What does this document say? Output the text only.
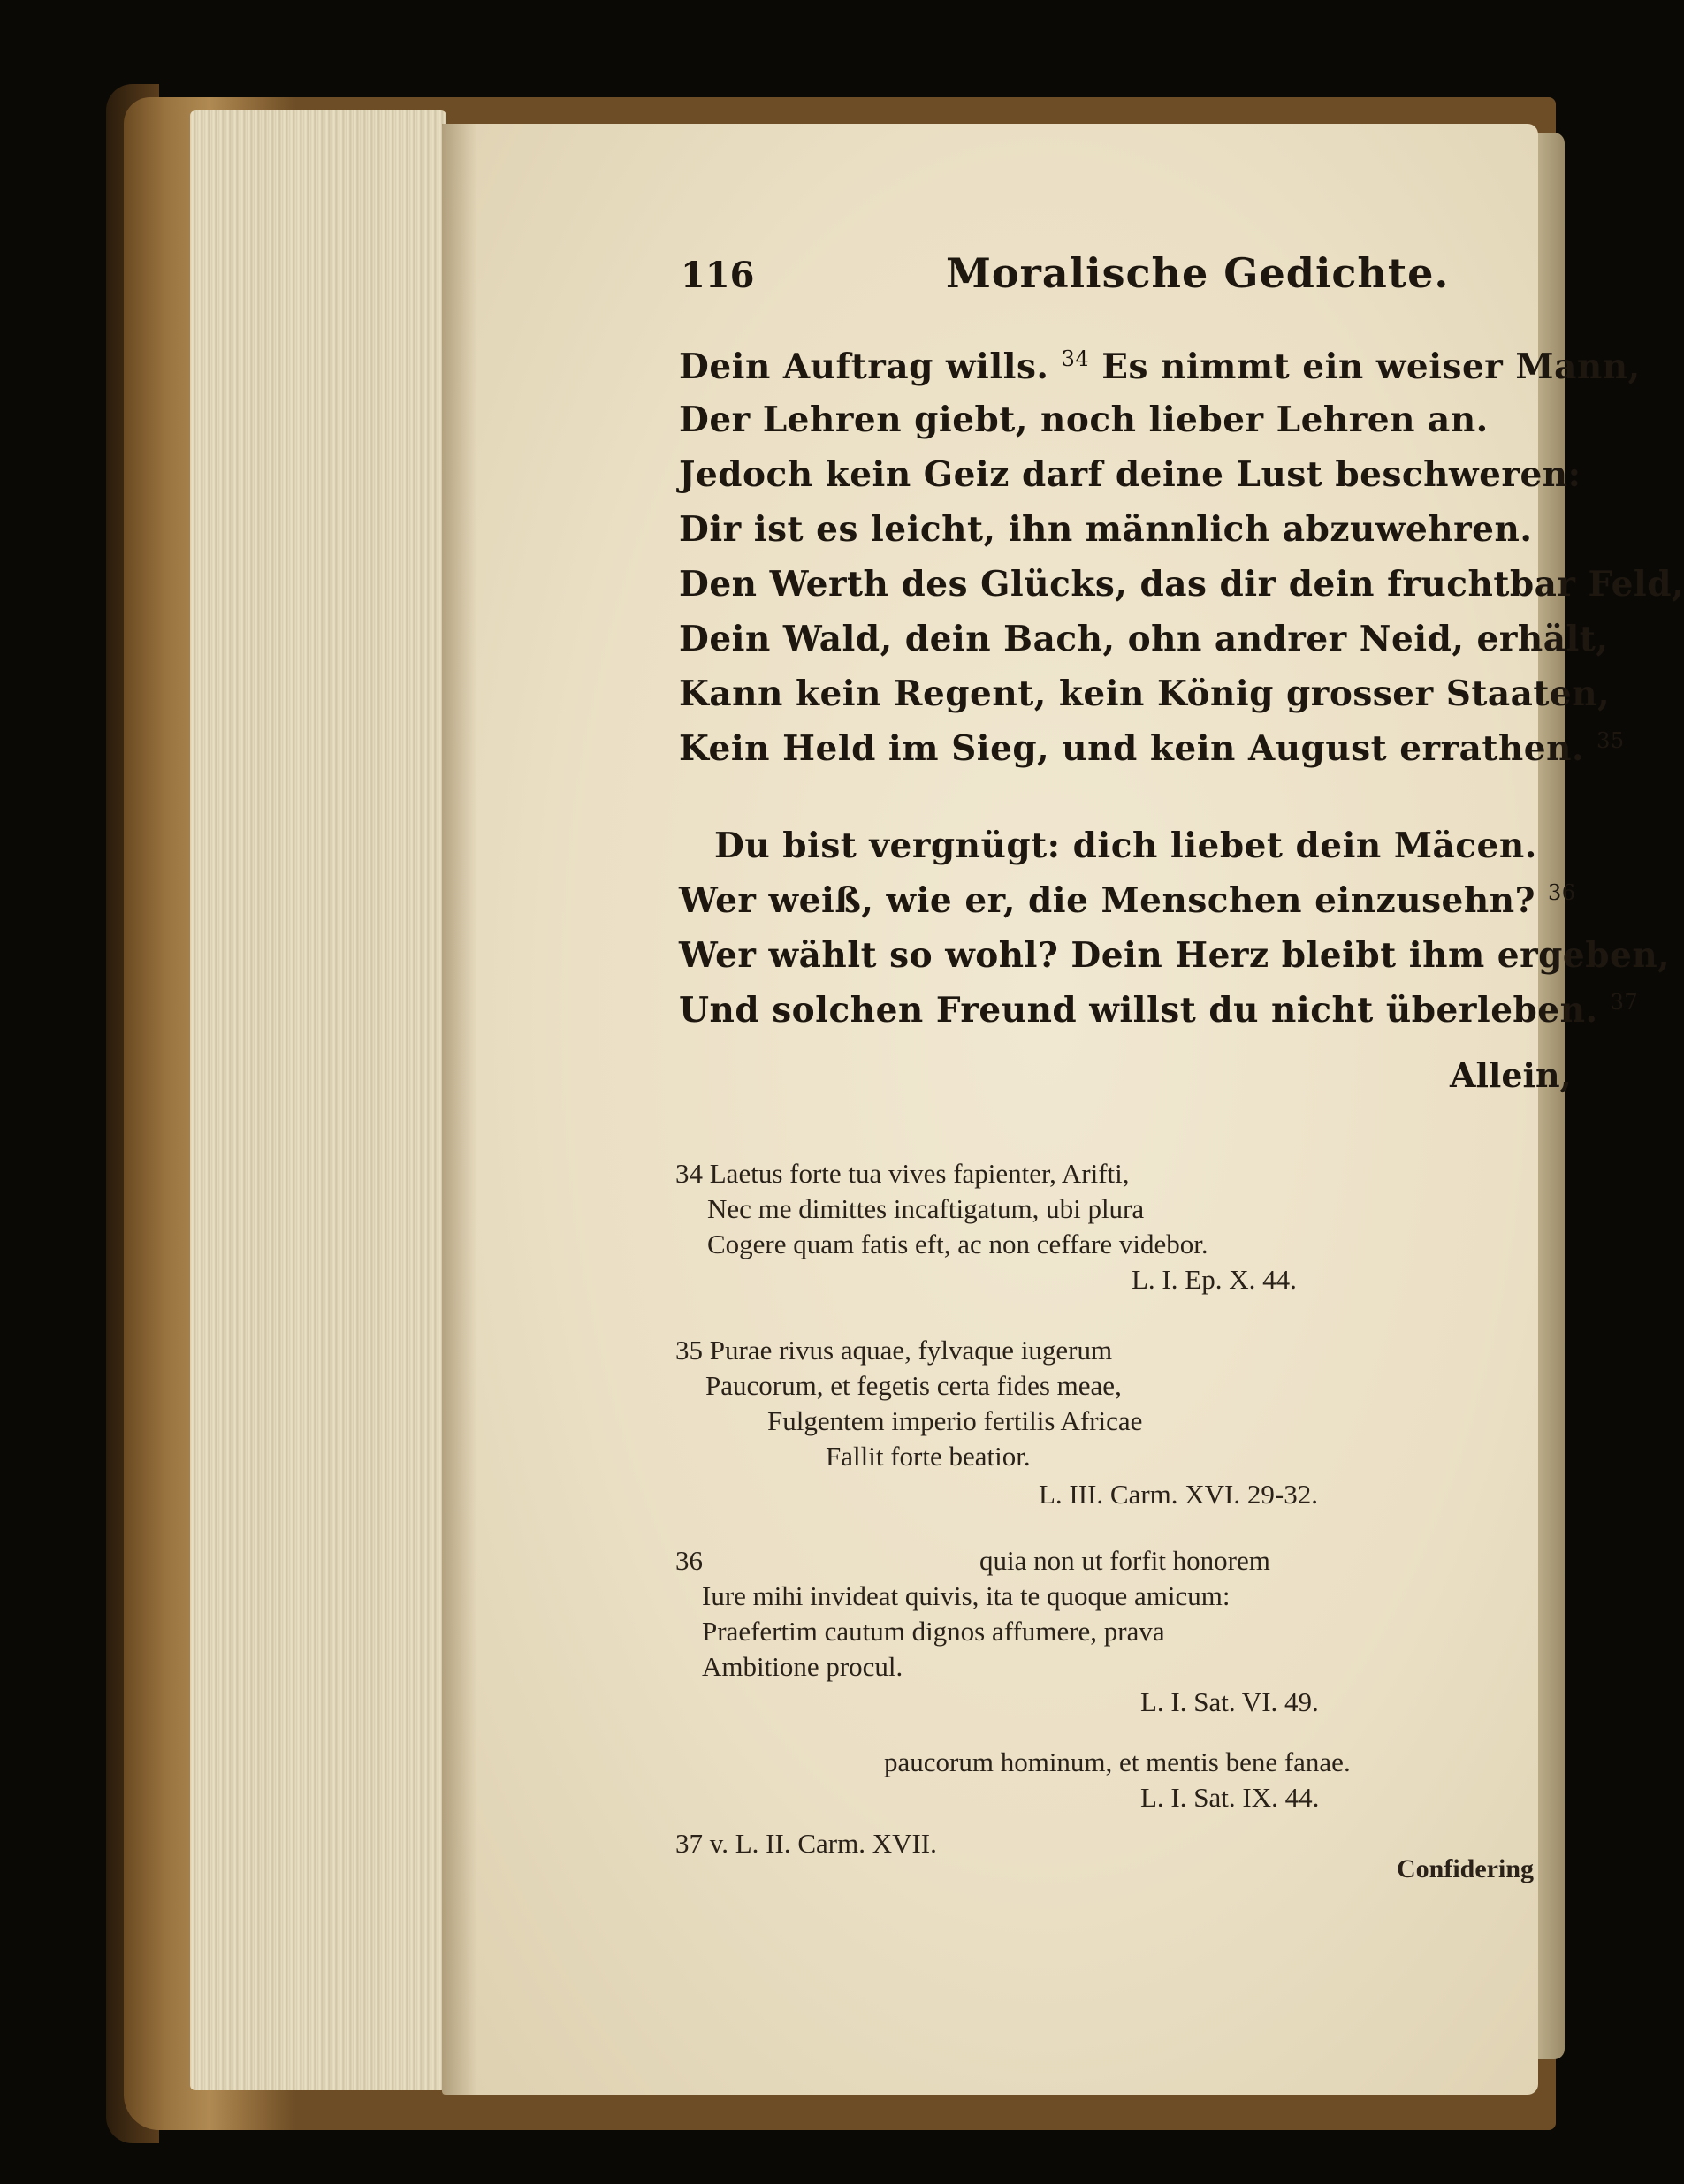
116	Moralische Gedichte.
Dein Auftrag wills. $^{34}$ Es nimmt ein weiser Mann,
Der Lehren giebt, noch lieber Lehren an.
Jedoch kein Geiz darf deine Lust beschweren:
Dir ist es leicht, ihn männlich abzuwehren.
Den Werth des Glücks, das dir dein fruchtbar Feld,
Dein Wald, dein Bach, ohn andrer Neid, erhält,
Kann kein Regent, kein König grosser Staaten,
Kein Held im Sieg, und kein August errathen. $^{35}$
Du bist vergnügt: dich liebet dein Mäcen.
Wer weiß, wie er, die Menschen einzusehn? $^{36}$
Wer wählt so wohl? Dein Herz bleibt ihm ergeben,
Und solchen Freund willst du nicht überleben. $^{37}$
Allein,
34 Laetus forte tua vives fapienter, Arifti,
Nec me dimittes incaftigatum, ubi plura
Cogere quam fatis eft, ac non ceffare videbor.
L. I. Ep. X. 44.
35 Purae rivus aquae, fylvaque iugerum
Paucorum, et fegetis certa fides meae,
Fulgentem imperio fertilis Africae
Fallit forte beatior.
L. III. Carm. XVI. 29-32.
36	quia non ut forfit honorem
Iure mihi invideat quivis, ita te quoque amicum:
Praefertim cautum dignos affumere, prava
Ambitione procul.
L. I. Sat. VI. 49.
paucorum hominum, et mentis bene fanae.
L. I. Sat. IX. 44.
37 v. L. II. Carm. XVII.
Confidering
